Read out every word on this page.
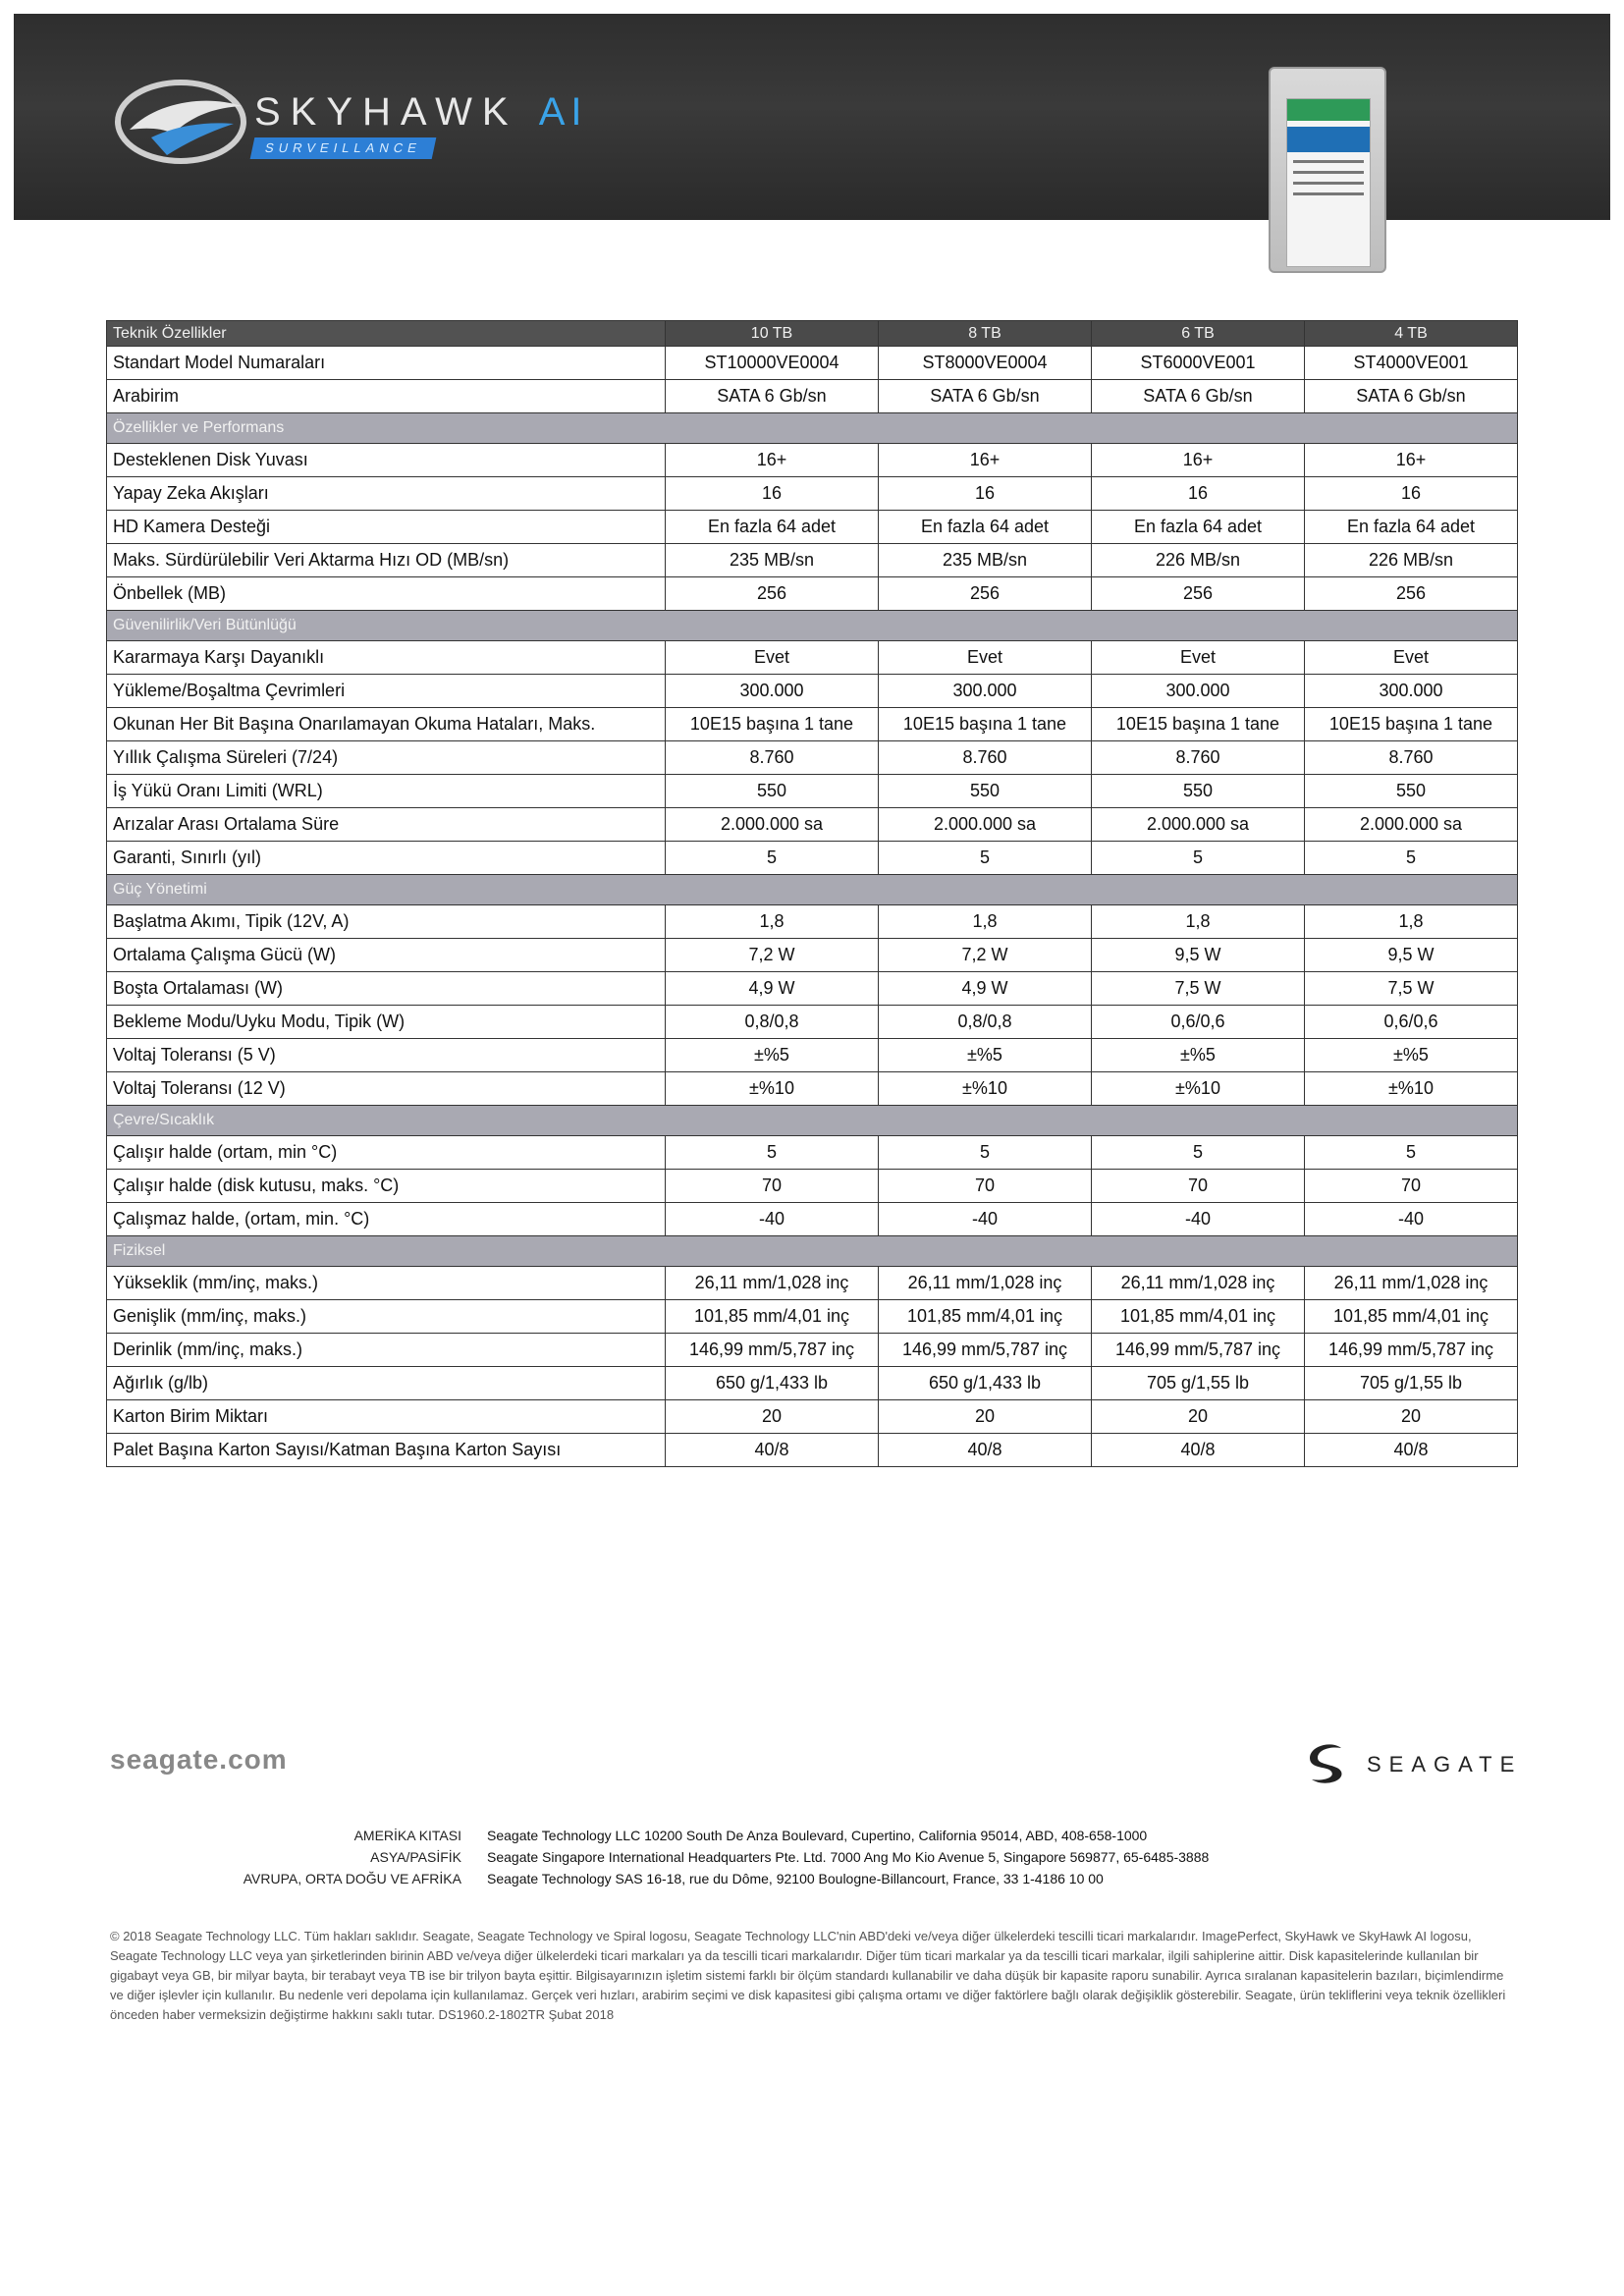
SKYHAWK AI
SURVEILLANCE
Teknik Özellikler	10 TB	8 TB	6 TB	4 TB
Standart Model Numaraları	ST10000VE0004	ST8000VE0004	ST6000VE001	ST4000VE001
Arabirim	SATA 6 Gb/sn	SATA 6 Gb/sn	SATA 6 Gb/sn	SATA 6 Gb/sn
Özellikler ve Performans				
Desteklenen Disk Yuvası	16+	16+	16+	16+
Yapay Zeka Akışları	16	16	16	16
HD Kamera Desteği	En fazla 64 adet	En fazla 64 adet	En fazla 64 adet	En fazla 64 adet
Maks. Sürdürülebilir Veri Aktarma Hızı OD (MB/sn)	235 MB/sn	235 MB/sn	226 MB/sn	226 MB/sn
Önbellek (MB)	256	256	256	256
Güvenilirlik/Veri Bütünlüğü				
Kararmaya Karşı Dayanıklı	Evet	Evet	Evet	Evet
Yükleme/Boşaltma Çevrimleri	300.000	300.000	300.000	300.000
Okunan Her Bit Başına Onarılamayan Okuma Hataları, Maks.	10E15 başına 1 tane	10E15 başına 1 tane	10E15 başına 1 tane	10E15 başına 1 tane
Yıllık Çalışma Süreleri (7/24)	8.760	8.760	8.760	8.760
İş Yükü Oranı Limiti (WRL)	550	550	550	550
Arızalar Arası Ortalama Süre	2.000.000 sa	2.000.000 sa	2.000.000 sa	2.000.000 sa
Garanti, Sınırlı (yıl)	5	5	5	5
Güç Yönetimi				
Başlatma Akımı, Tipik (12V, A)	1,8	1,8	1,8	1,8
Ortalama Çalışma Gücü (W)	7,2 W	7,2 W	9,5 W	9,5 W
Boşta Ortalaması (W)	4,9 W	4,9 W	7,5 W	7,5 W
Bekleme Modu/Uyku Modu, Tipik (W)	0,8/0,8	0,8/0,8	0,6/0,6	0,6/0,6
Voltaj Toleransı (5 V)	±%5	±%5	±%5	±%5
Voltaj Toleransı (12 V)	±%10	±%10	±%10	±%10
Çevre/Sıcaklık				
Çalışır halde (ortam, min °C)	5	5	5	5
Çalışır halde (disk kutusu, maks. °C)	70	70	70	70
Çalışmaz halde, (ortam, min. °C)	-40	-40	-40	-40
Fiziksel				
Yükseklik (mm/inç, maks.)	26,11 mm/1,028 inç	26,11 mm/1,028 inç	26,11 mm/1,028 inç	26,11 mm/1,028 inç
Genişlik (mm/inç, maks.)	101,85 mm/4,01 inç	101,85 mm/4,01 inç	101,85 mm/4,01 inç	101,85 mm/4,01 inç
Derinlik (mm/inç, maks.)	146,99 mm/5,787 inç	146,99 mm/5,787 inç	146,99 mm/5,787 inç	146,99 mm/5,787 inç
Ağırlık (g/lb)	650 g/1,433 lb	650 g/1,433 lb	705 g/1,55 lb	705 g/1,55 lb
Karton Birim Miktarı	20	20	20	20
Palet Başına Karton Sayısı/Katman Başına Karton Sayısı	40/8	40/8	40/8	40/8

seagate.com	SEAGATE
AMERİKA KITASI	Seagate Technology LLC 10200 South De Anza Boulevard, Cupertino, California 95014, ABD, 408-658-1000
ASYA/PASİFİK	Seagate Singapore International Headquarters Pte. Ltd. 7000 Ang Mo Kio Avenue 5, Singapore 569877, 65-6485-3888
AVRUPA, ORTA DOĞU VE AFRİKA	Seagate Technology SAS 16-18, rue du Dôme, 92100 Boulogne-Billancourt, France, 33 1-4186 10 00
© 2018 Seagate Technology LLC. Tüm hakları saklıdır. Seagate, Seagate Technology ve Spiral logosu, Seagate Technology LLC'nin ABD'deki ve/veya diğer ülkelerdeki tescilli ticari markalarıdır. ImagePerfect, SkyHawk ve SkyHawk AI logosu, Seagate Technology LLC veya yan şirketlerinden birinin ABD ve/veya diğer ülkelerdeki ticari markaları ya da tescilli ticari markalarıdır. Diğer tüm ticari markalar ya da tescilli ticari markalar, ilgili sahiplerine aittir. Disk kapasitelerinde kullanılan bir gigabayt veya GB, bir milyar bayta, bir terabayt veya TB ise bir trilyon bayta eşittir. Bilgisayarınızın işletim sistemi farklı bir ölçüm standardı kullanabilir ve daha düşük bir kapasite raporu sunabilir. Ayrıca sıralanan kapasitelerin bazıları, biçimlendirme ve diğer işlevler için kullanılır. Bu nedenle veri depolama için kullanılamaz. Gerçek veri hızları, arabirim seçimi ve disk kapasitesi gibi çalışma ortamı ve diğer faktörlere bağlı olarak değişiklik gösterebilir. Seagate, ürün tekliflerini veya teknik özellikleri önceden haber vermeksizin değiştirme hakkını saklı tutar. DS1960.2-1802TR Şubat 2018
